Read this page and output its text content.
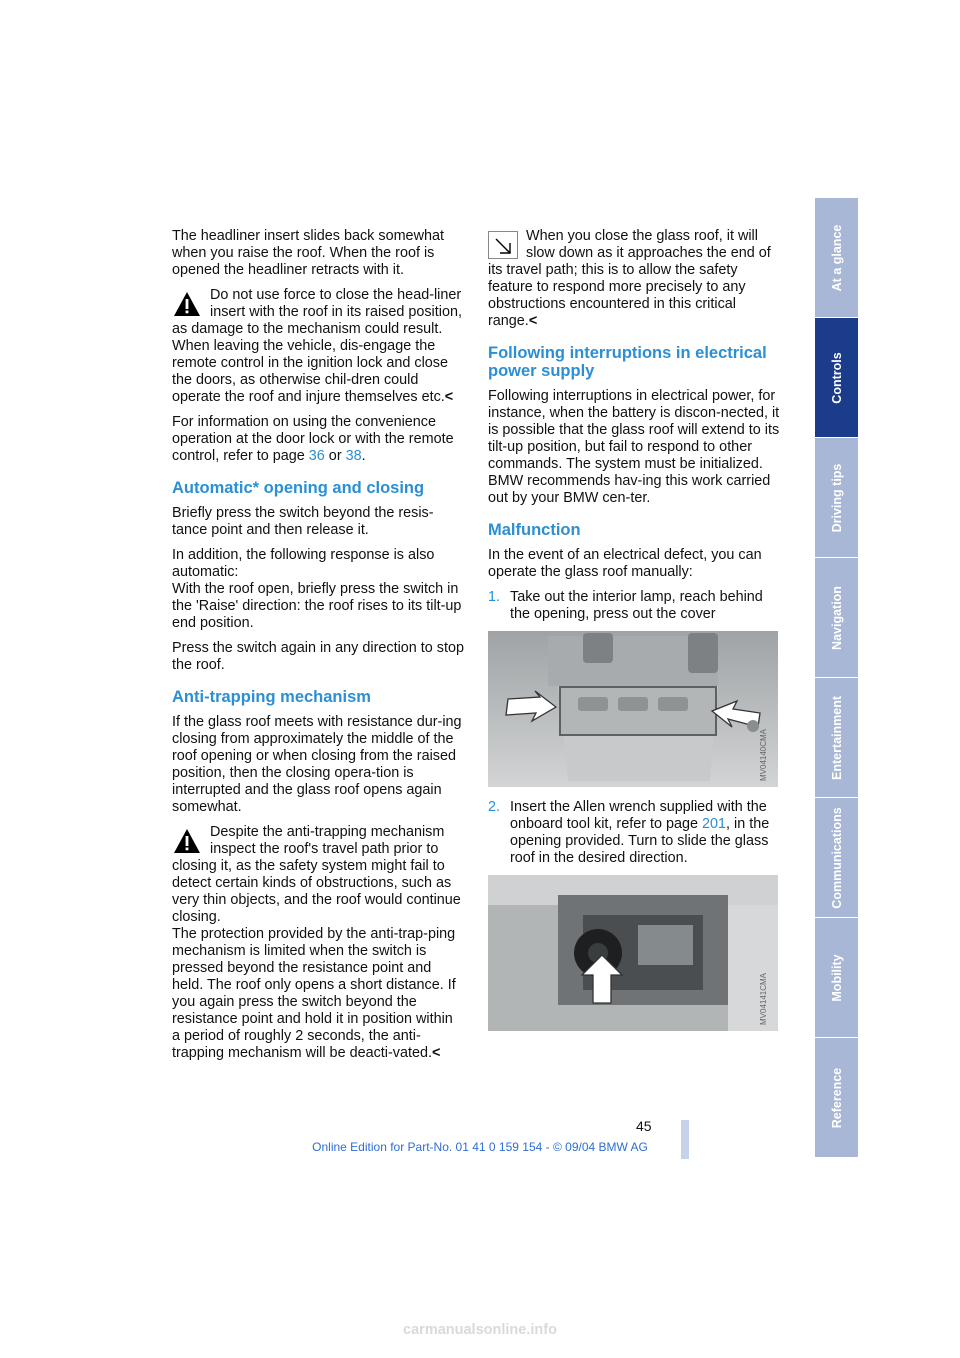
The headliner insert slides back somewhat when you raise the roof. When the roof is opened the headliner retracts with it.

Do not use force to close the head-liner insert with the roof in its raised position, as damage to the mechanism could result. When leaving the vehicle, dis-engage the remote control in the ignition lock and close the doors, as otherwise chil-dren could operate the roof and injure themselves etc.<

For information on using the convenience operation at the door lock or with the remote control, refer to page 36 or 38.

Automatic* opening and closing

Briefly press the switch beyond the resis-tance point and then release it.

In addition, the following response is also automatic:
With the roof open, briefly press the switch in the 'Raise' direction: the roof rises to its tilt-up end position.

Press the switch again in any direction to stop the roof.

Anti-trapping mechanism

If the glass roof meets with resistance dur-ing closing from approximately the middle of the roof opening or when closing from the raised position, then the closing opera-tion is interrupted and the glass roof opens again somewhat.

Despite the anti-trapping mechanism inspect the roof's travel path prior to closing it, as the safety system might fail to detect certain kinds of obstructions, such as very thin objects, and the roof would continue closing.
The protection provided by the anti-trap-ping mechanism is limited when the switch is pressed beyond the resistance point and held. The roof only opens a short distance. If you again press the switch beyond the resistance point and hold it in position within a period of roughly 2 seconds, the anti-trapping mechanism will be deacti-vated.<
When you close the glass roof, it will slow down as it approaches the end of its travel path; this is to allow the safety feature to respond more precisely to any obstructions encountered in this critical range.<
Following interruptions in electrical power supply

Following interruptions in electrical power, for instance, when the battery is discon-nected, it is possible that the glass roof will extend to its tilt-up position, but fail to respond to other commands. The system must be initialized. BMW recommends hav-ing this work carried out by your BMW cen-ter.

Malfunction

In the event of an electrical defect, you can operate the glass roof manually:

1. Take out the interior lamp, reach behind the opening, press out the cover
MV04140CMA
2. Insert the Allen wrench supplied with the onboard tool kit, refer to page 201, in the opening provided. Turn to slide the glass roof in the desired direction.
MV04141CMA
At a glance
Controls
Driving tips
Navigation
Entertainment
Communications
Mobility
Reference
45
Online Edition for Part-No. 01 41 0 159 154 - © 09/04 BMW AG
carmanualsonline.info
